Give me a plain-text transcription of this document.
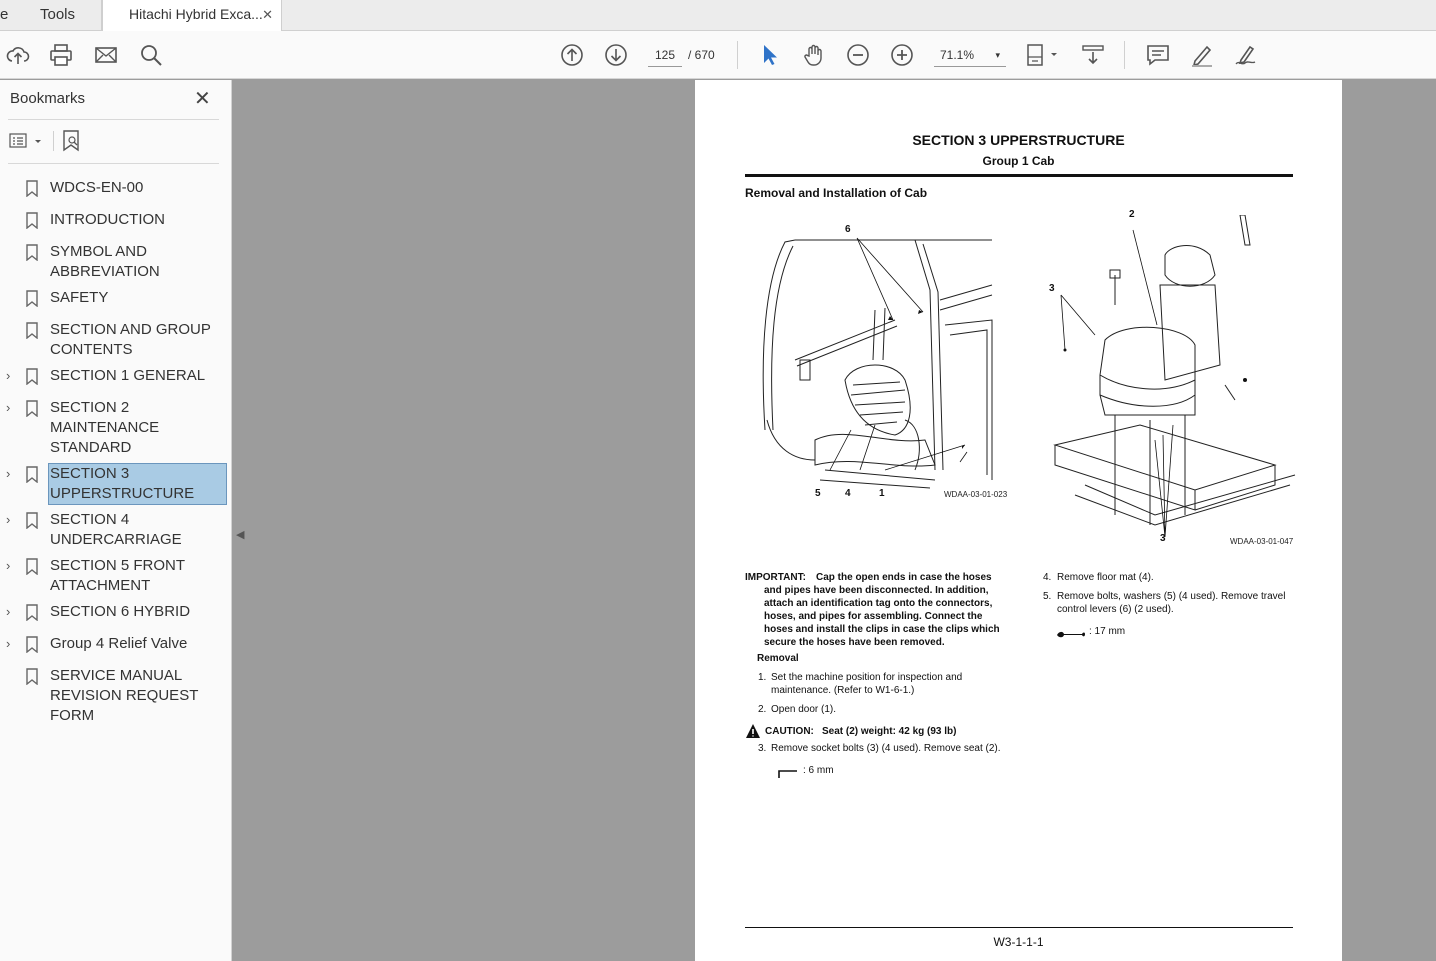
e	Tools	Hitachi Hybrid Exca... ✕
125	/ 670	71.1% ▾
Bookmarks	✕
WDCS-EN-00
INTRODUCTION
SYMBOL AND ABBREVIATION
SAFETY
SECTION AND GROUP CONTENTS
›	SECTION 1 GENERAL
›	SECTION 2 MAINTENANCE STANDARD
›	SECTION 3 UPPERSTRUCTURE
›	SECTION 4 UNDERCARRIAGE
›	SECTION 5 FRONT ATTACHMENT
›	SECTION 6 HYBRID
›	Group 4 Relief Valve
SERVICE MANUAL REVISION REQUEST FORM
◀
SECTION 3 UPPERSTRUCTURE
Group 1 Cab
Removal and Installation of Cab
6
5 4	1	WDAA-03-01-023
2
3
3	WDAA-03-01-047
IMPORTANT: Cap the open ends in case the hoses
and pipes have been disconnected. In addition,
attach an identification tag onto the connectors,
hoses, and pipes for assembling. Connect the
hoses and install the clips in case the clips which
secure the hoses have been removed.
Removal
1. Set the machine position for inspection and
maintenance. (Refer to W1-6-1.)
2. Open door (1).
CAUTION: Seat (2) weight: 42 kg (93 lb)
3. Remove socket bolts (3) (4 used). Remove seat (2).
: 6 mm
4. Remove floor mat (4).
5. Remove bolts, washers (5) (4 used). Remove travel
control levers (6) (2 used).
: 17 mm
W3-1-1-1
